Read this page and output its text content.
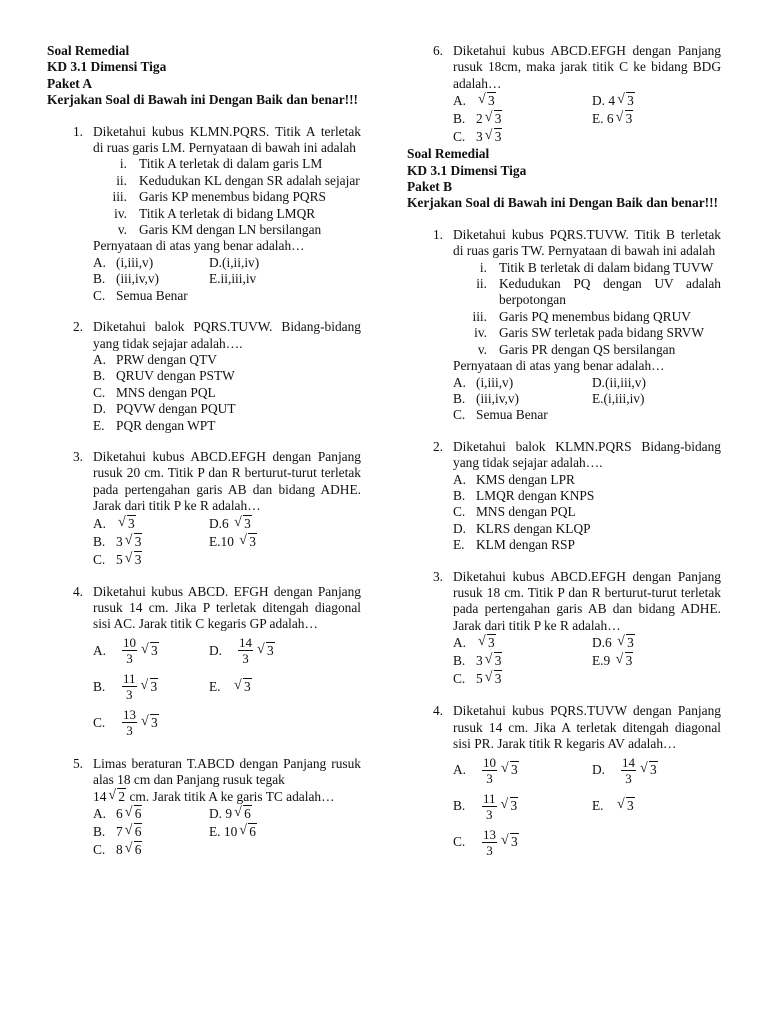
Soal Remedial
KD 3.1 Dimensi Tiga
Paket A
Kerjakan Soal di Bawah ini Dengan Baik dan benar!!!
1. Diketahui kubus KLMN.PQRS. Titik A terletak di ruas garis LM. Pernyataan di bawah ini adalah
i. Titik A terletak di dalam garis LM
ii. Kedudukan KL dengan SR adalah sejajar
iii. Garis KP menembus bidang PQRS
iv. Titik A terletak di bidang LMQR
v. Garis KM dengan LN bersilangan
Pernyataan di atas yang benar adalah…
A. (i,iii,v)	D.(i,ii,iv)
B. (iii,iv,v)	E.ii,iii,iv
C. Semua Benar
2. Diketahui balok PQRS.TUVW. Bidang-bidang yang tidak sejajar adalah….
A. PRW dengan QTV
B. QRUV dengan PSTW
C. MNS dengan PQL
D. PQVW dengan PQUT
E. PQR dengan WPT
3. Diketahui kubus ABCD.EFGH dengan Panjang rusuk 20 cm. Titik P dan R berturut-turut terletak pada pertengahan garis AB dan bidang ADHE. Jarak dari titik P ke R adalah…
A. √ 3	D.6 √ 3
B. 3 √ 3	E.10 √ 3
C. 5 √ 3
4. Diketahui kubus ABCD. EFGH dengan Panjang rusuk 14 cm. Jika P terletak ditengah diagonal sisi AC. Jarak titik C kegaris GP adalah…
A.	$\frac{10}{3}$	√ 3	D.	$\frac{14}{3}$	√ 3
B.	$\frac{11}{3}$	√ 3	E.	√ 3
C.	$\frac{13}{3}$	√ 3
5. Limas beraturan T.ABCD dengan Panjang rusuk alas 18 cm dan Panjang rusuk tegak
14 √ 2 cm. Jarak titik A ke garis TC adalah…
A. 6 √ 6	D. 9 √ 6
B. 7 √ 6	E. 10 √ 6
C. 8 √ 6
6. Diketahui kubus ABCD.EFGH dengan Panjang rusuk 18cm, maka jarak titik C ke bidang BDG adalah…
A. √ 3	D. 4 √ 3
B. 2 √ 3	E. 6 √ 3
C. 3 √ 3
Soal Remedial
KD 3.1 Dimensi Tiga
Paket B
Kerjakan Soal di Bawah ini Dengan Baik dan benar!!!
1. Diketahui kubus PQRS.TUVW. Titik B terletak di ruas garis TW. Pernyataan di bawah ini adalah
i. Titik B terletak di dalam bidang TUVW
ii. Kedudukan PQ dengan UV adalah berpotongan
iii. Garis PQ menembus bidang QRUV
iv. Garis SW terletak pada bidang SRVW
v. Garis PR dengan QS bersilangan
Pernyataan di atas yang benar adalah…
A. (i,iii,v)	D.(ii,iii,v)
B. (iii,iv,v)	E.(i,iii,iv)
C. Semua Benar
2. Diketahui balok KLMN.PQRS Bidang-bidang yang tidak sejajar adalah….
A. KMS dengan LPR
B. LMQR dengan KNPS
C. MNS dengan PQL
D. KLRS dengan KLQP
E. KLM dengan RSP
3. Diketahui kubus ABCD.EFGH dengan Panjang rusuk 18 cm. Titik P dan R berturut-turut terletak pada pertengahan garis AB dan bidang ADHE. Jarak dari titik P ke R adalah…
A. √ 3	D.6 √ 3
B. 3 √ 3	E.9 √ 3
C. 5 √ 3
4. Diketahui kubus PQRS.TUVW dengan Panjang rusuk 14 cm. Jika A terletak ditengah diagonal sisi PR. Jarak titik R kegaris AV adalah…
A.	$\frac{10}{3}$	√ 3	D.	$\frac{14}{3}$	√ 3
B.	$\frac{11}{3}$	√ 3	E.	√ 3
C.	$\frac{13}{3}$	√ 3
